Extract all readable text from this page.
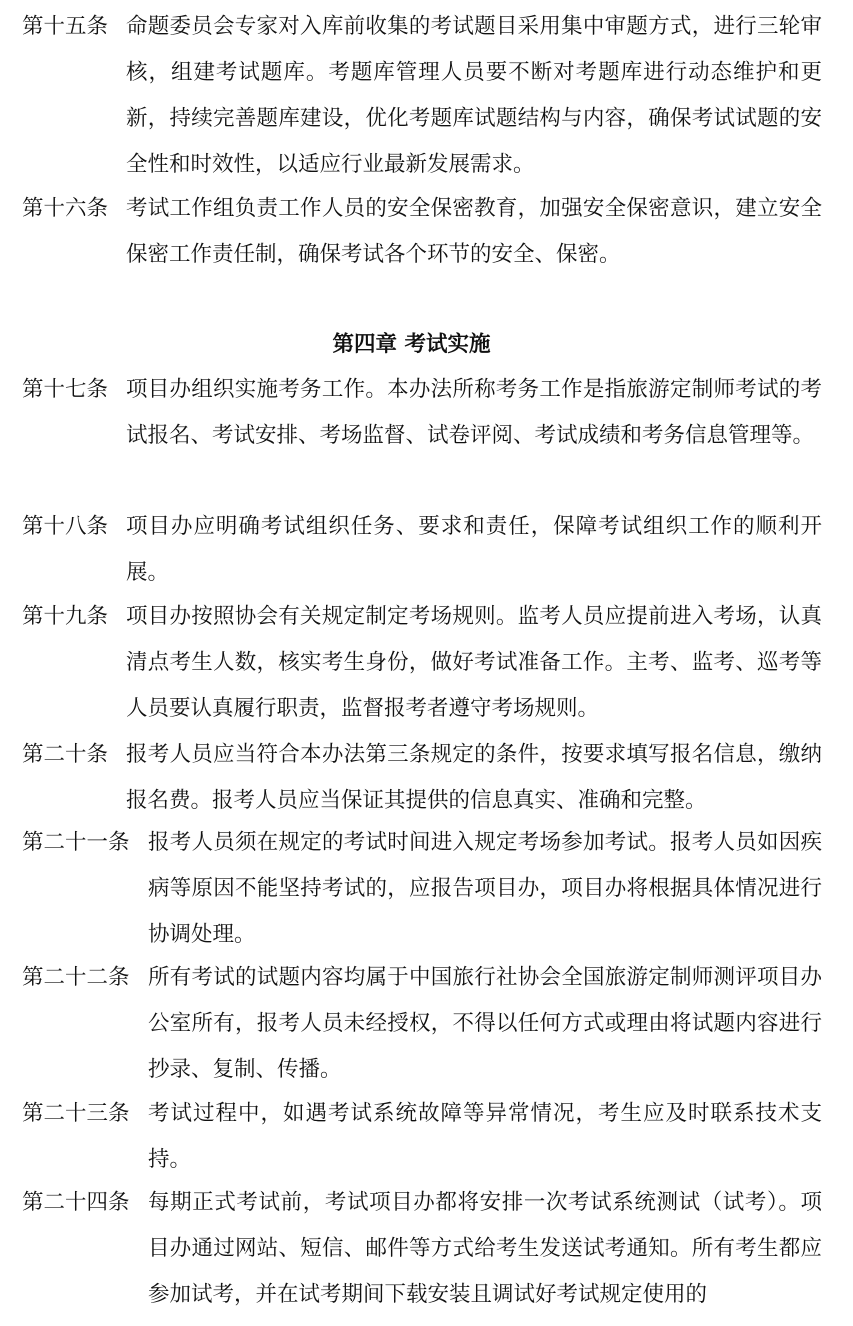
第十五条 命题委员会专家对入库前收集的考试题目采用集中审题方式，进行三轮审核，组建考试题库。考题库管理人员要不断对考题库进行动态维护和更新，持续完善题库建设，优化考题库试题结构与内容，确保考试试题的安全性和时效性，以适应行业最新发展需求。
第十六条 考试工作组负责工作人员的安全保密教育，加强安全保密意识，建立安全保密工作责任制，确保考试各个环节的安全、保密。
第四章 考试实施
第十七条 项目办组织实施考务工作。本办法所称考务工作是指旅游定制师考试的考试报名、考试安排、考场监督、试卷评阅、考试成绩和考务信息管理等。
第十八条 项目办应明确考试组织任务、要求和责任，保障考试组织工作的顺利开展。
第十九条 项目办按照协会有关规定制定考场规则。监考人员应提前进入考场，认真清点考生人数，核实考生身份，做好考试准备工作。主考、监考、巡考等人员要认真履行职责，监督报考者遵守考场规则。
第二十条 报考人员应当符合本办法第三条规定的条件，按要求填写报名信息，缴纳报名费。报考人员应当保证其提供的信息真实、准确和完整。
第二十一条 报考人员须在规定的考试时间进入规定考场参加考试。报考人员如因疾病等原因不能坚持考试的，应报告项目办，项目办将根据具体情况进行协调处理。
第二十二条 所有考试的试题内容均属于中国旅行社协会全国旅游定制师测评项目办公室所有，报考人员未经授权，不得以任何方式或理由将试题内容进行抄录、复制、传播。
第二十三条 考试过程中，如遇考试系统故障等异常情况，考生应及时联系技术支持。
第二十四条 每期正式考试前，考试项目办都将安排一次考试系统测试（试考）。项目办通过网站、短信、邮件等方式给考生发送试考通知。所有考生都应参加试考，并在试考期间下载安装且调试好考试规定使用的
